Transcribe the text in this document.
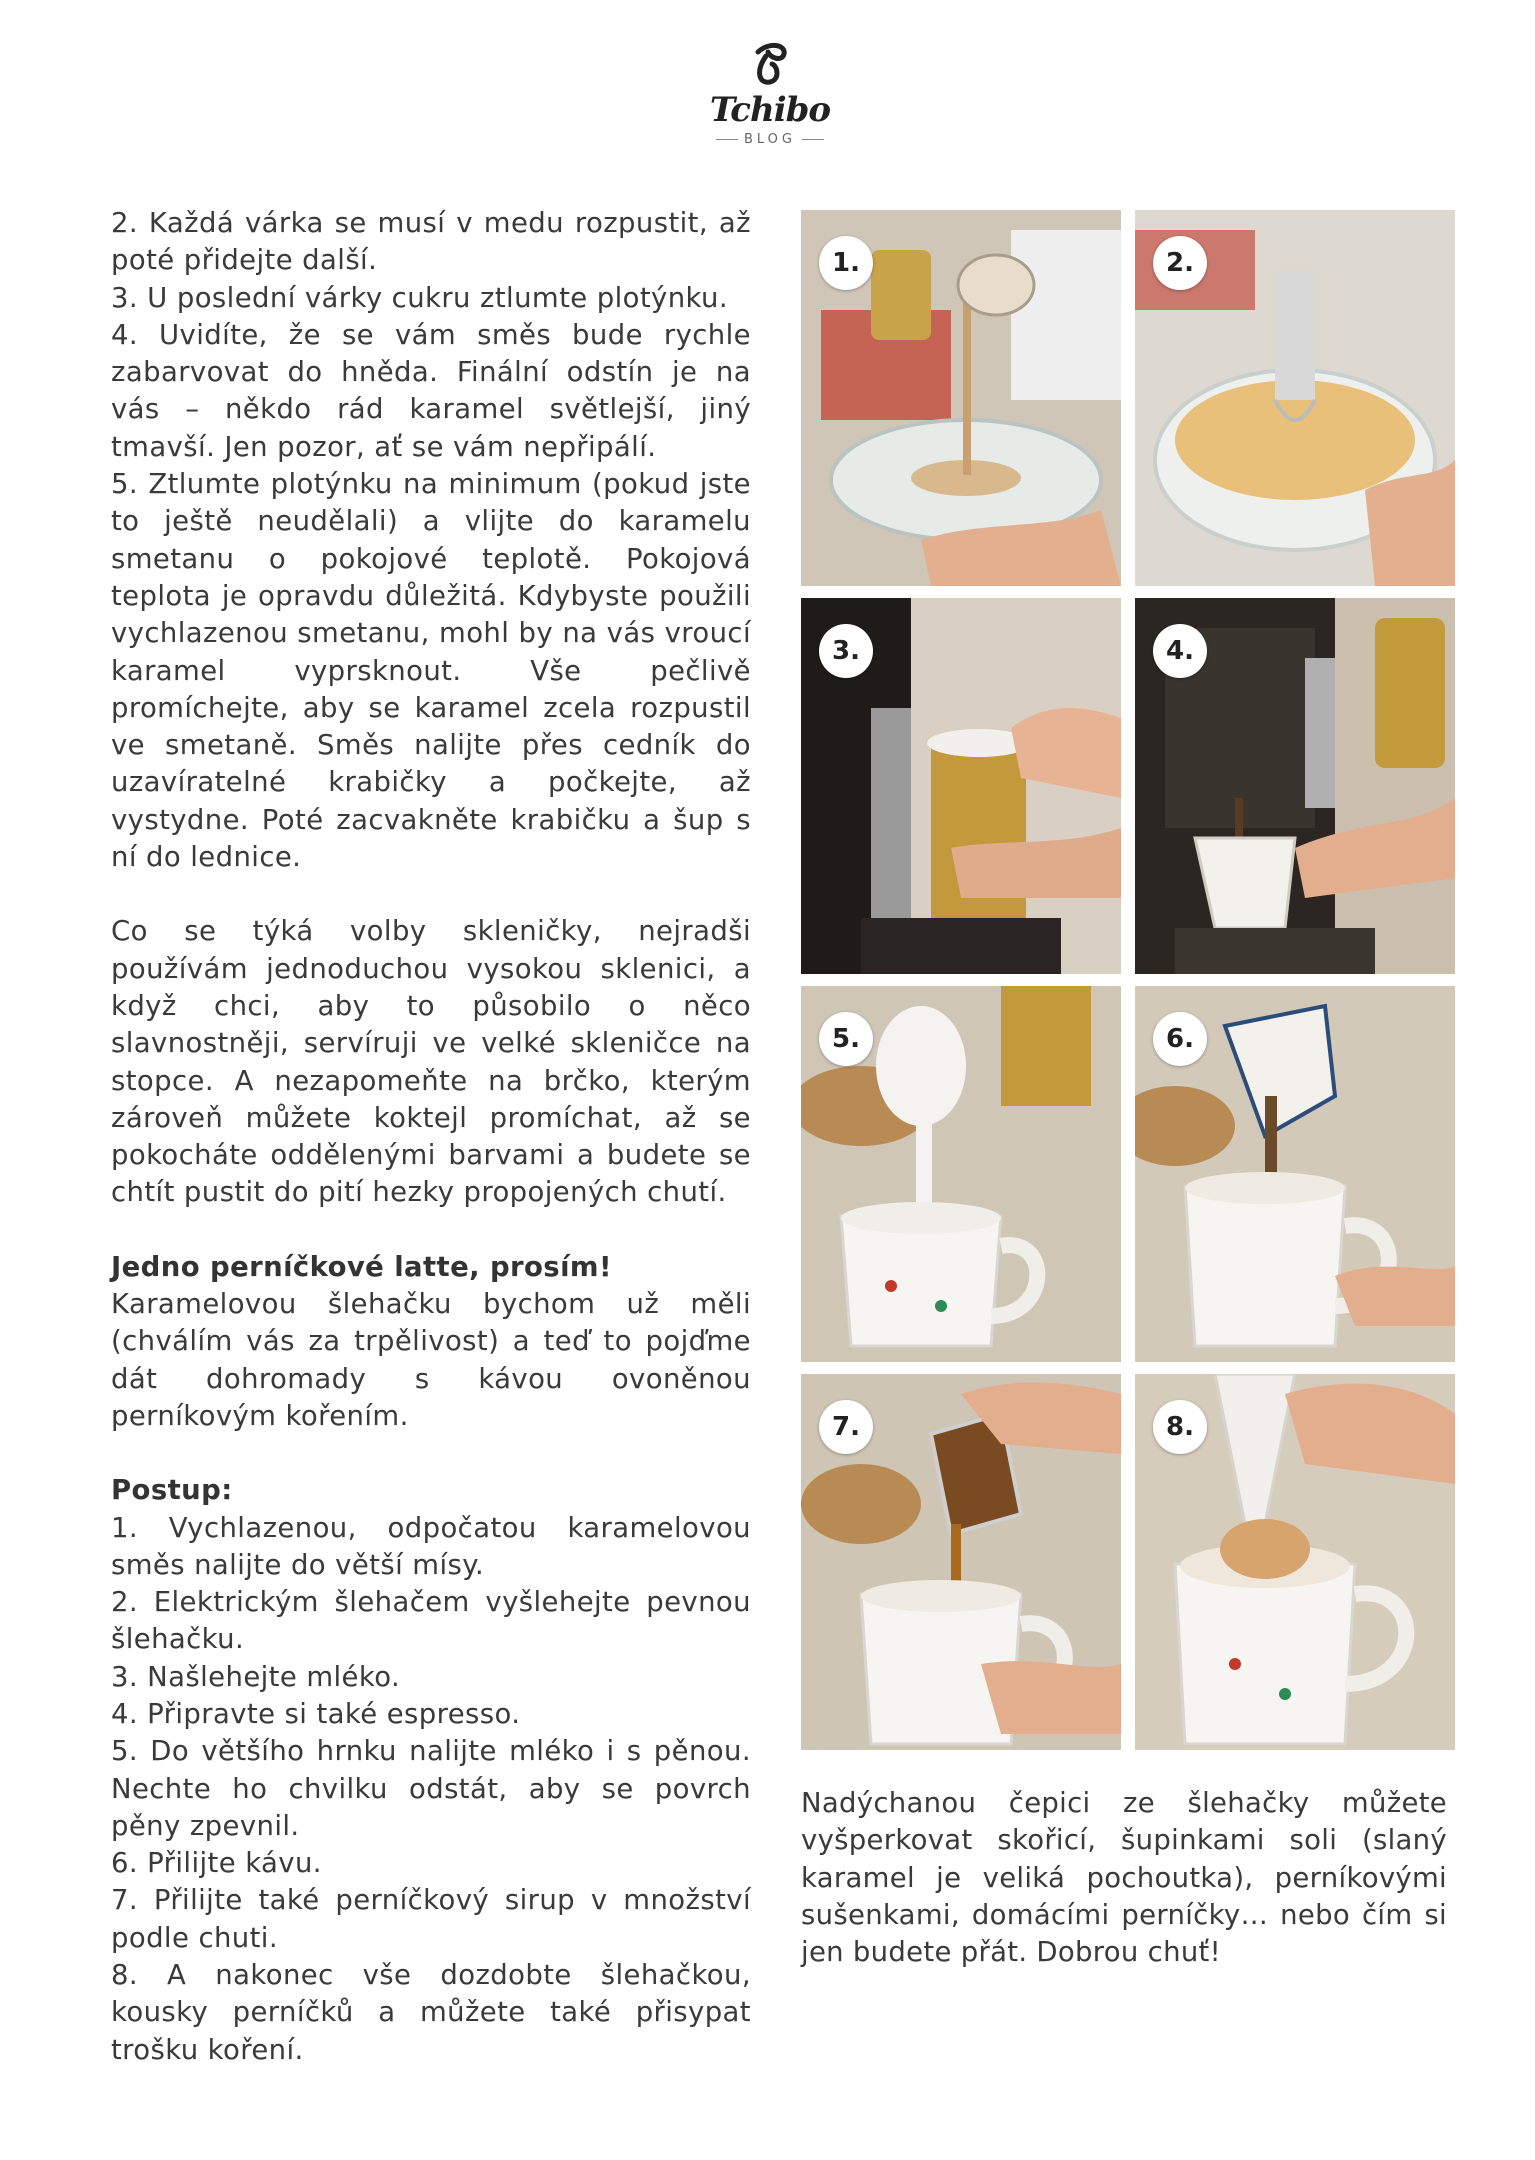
Tchibo
BLOG

2. Každá várka se musí v medu rozpustit, až poté přidejte další.

3. U poslední várky cukru ztlumte plotýnku.

4. Uvidíte, že se vám směs bude rychle zabarvovat do hněda. Finální odstín je na vás – někdo rád karamel světlejší, jiný tmavší. Jen pozor, ať se vám nepřipálí.

5. Ztlumte plotýnku na minimum (pokud jste to ještě neudělali) a vlijte do karamelu smetanu o pokojové teplotě. Pokojová teplota je opravdu důležitá. Kdybyste použili vychlazenou smetanu, mohl by na vás vroucí karamel vyprsknout. Vše pečlivě promíchejte, aby se karamel zcela rozpustil ve smetaně. Směs nalijte přes cedník do uzavíratelné krabičky a počkejte, až vystydne. Poté zacvakněte krabičku a šup s ní do lednice.

Co se týká volby skleničky, nejradši používám jednoduchou vysokou sklenici, a když chci, aby to působilo o něco slavnostněji, servíruji ve velké skleničce na stopce. A nezapomeňte na brčko, kterým zároveň můžete koktejl promíchat, až se pokocháte oddělenými barvami a budete se chtít pustit do pití hezky propojených chutí.

Jedno perníčkové latte, prosím!

Karamelovou šlehačku bychom už měli (chválím vás za trpělivost) a teď to pojďme dát dohromady s kávou ovoněnou perníkovým kořením.

Postup:

1. Vychlazenou, odpočatou karamelovou směs nalijte do větší mísy.

2. Elektrickým šlehačem vyšlehejte pevnou šlehačku.

3. Našlehejte mléko.

4. Připravte si také espresso.

5. Do většího hrnku nalijte mléko i s pěnou. Nechte ho chvilku odstát, aby se povrch pěny zpevnil.

6. Přilijte kávu.

7. Přilijte také perníčkový sirup v množství podle chuti.

8. A nakonec vše dozdobte šlehačkou, kousky perníčků a můžete také přisypat trošku koření.

1.	2.
3.	4.
5.	6.
7.	8.
Nadýchanou čepici ze šlehačky můžete vyšperkovat skořicí, šupinkami soli (slaný karamel je veliká pochoutka), perníkovými sušenkami, domácími perníčky… nebo čím si jen budete přát. Dobrou chuť!
